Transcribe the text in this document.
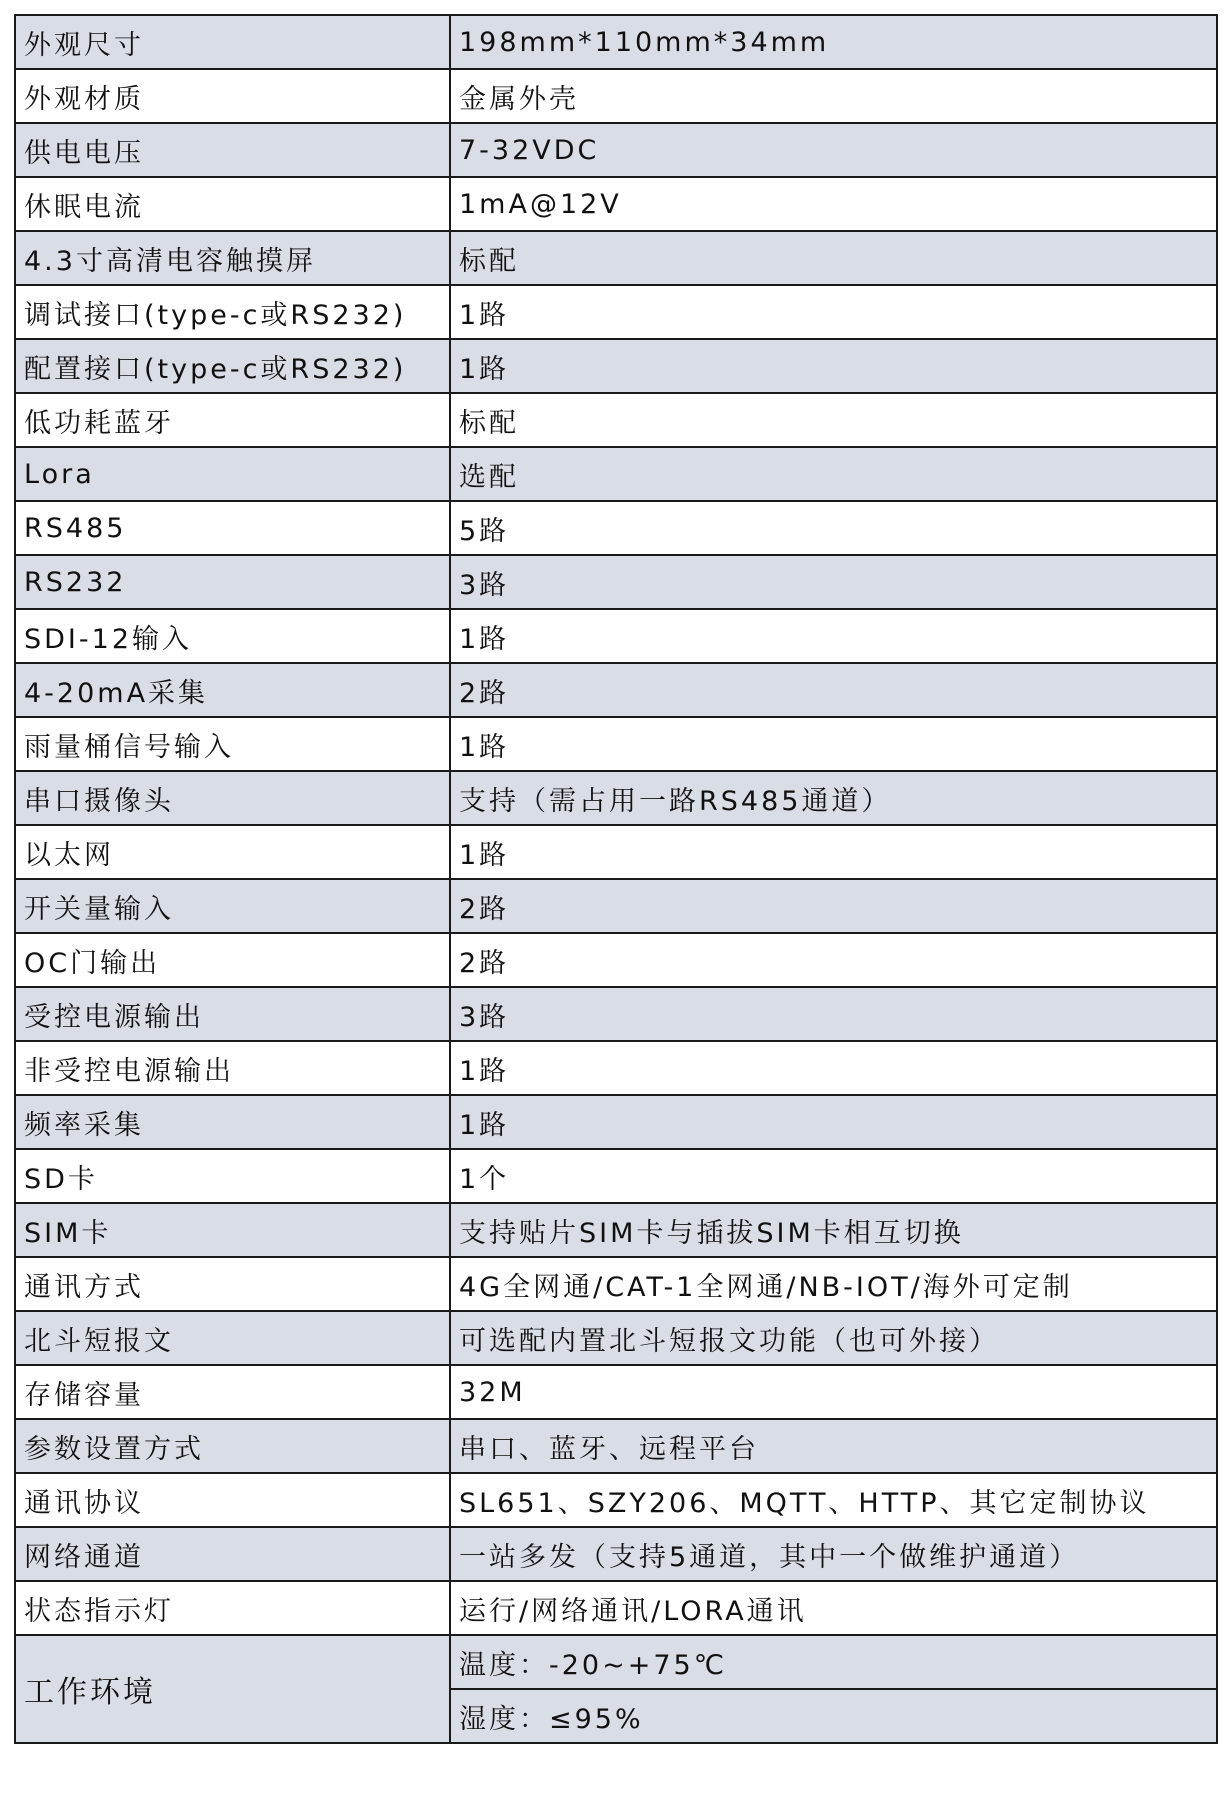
外观尺寸	198mm*110mm*34mm
外观材质	金属外壳
供电电压	7-32VDC
休眠电流	1mA@12V
4.3寸高清电容触摸屏	标配
调试接口(type-c或RS232)	1路
配置接口(type-c或RS232)	1路
低功耗蓝牙	标配
Lora	选配
RS485	5路
RS232	3路
SDI-12输入	1路
4-20mA采集	2路
雨量桶信号输入	1路
串口摄像头	支持（需占用一路RS485通道）
以太网	1路
开关量输入	2路
OC门输出	2路
受控电源输出	3路
非受控电源输出	1路
频率采集	1路
SD卡	1个
SIM卡	支持贴片SIM卡与插拔SIM卡相互切换
通讯方式	4G全网通/CAT-1全网通/NB-IOT/海外可定制
北斗短报文	可选配内置北斗短报文功能（也可外接）
存储容量	32M
参数设置方式	串口、蓝牙、远程平台
通讯协议	SL651、SZY206、MQTT、HTTP、其它定制协议
网络通道	一站多发（支持5通道，其中一个做维护通道）
状态指示灯	运行/网络通讯/LORA通讯
工作环境	温度：-20~+75℃
	湿度：≤95%
